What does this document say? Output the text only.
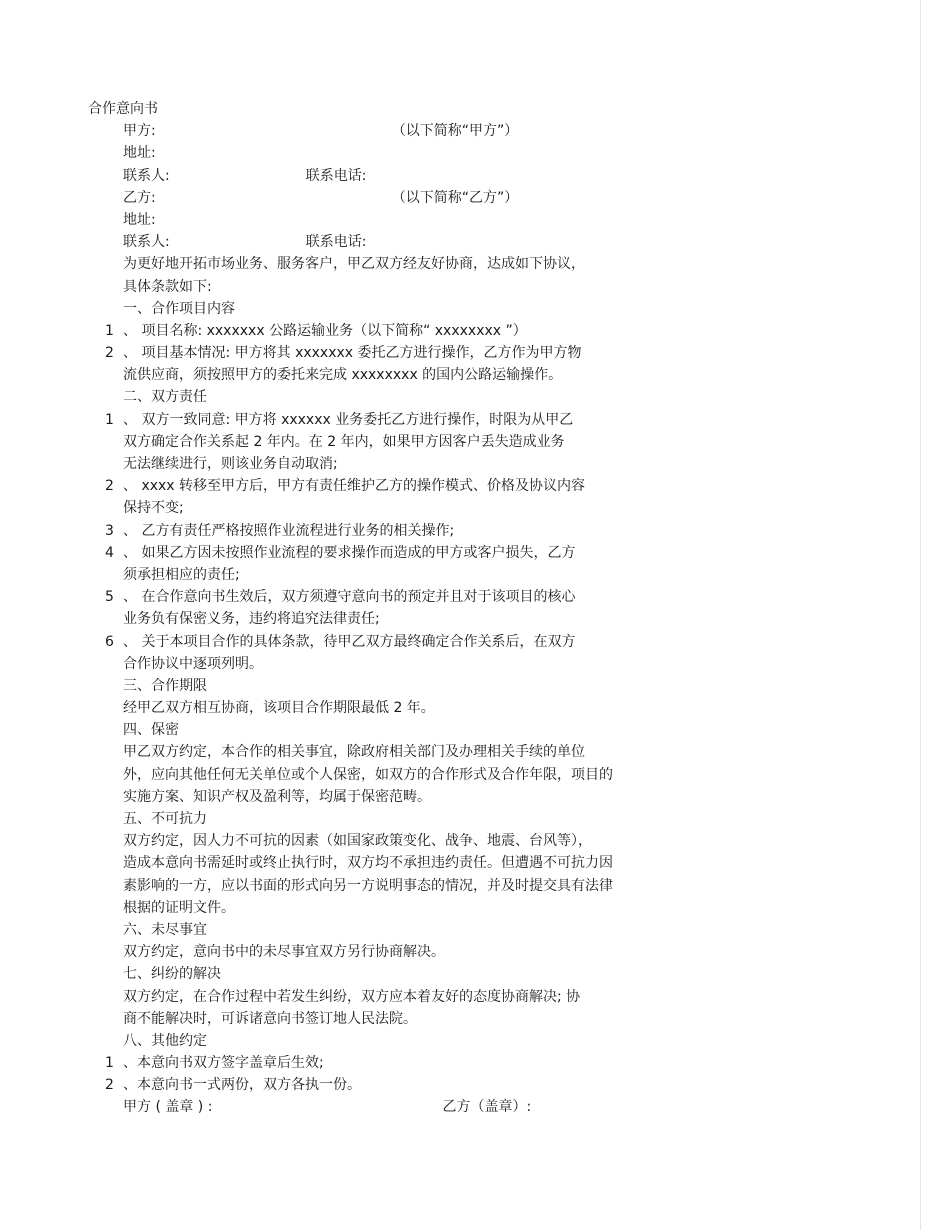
合作意向书
甲方:	（以下简称“甲方”）
地址:
联系人:	联系电话:
乙方:	（以下简称“乙方”）
地址:
联系人:	联系电话:
为更好地开拓市场业务、服务客户，甲乙双方经友好协商，达成如下协议，
具体条款如下:
一、合作项目内容
1 、 项目名称: xxxxxxx 公路运输业务（以下简称“ xxxxxxxx ”）
2 、 项目基本情况: 甲方将其 xxxxxxx 委托乙方进行操作，乙方作为甲方物
流供应商，须按照甲方的委托来完成 xxxxxxxx 的国内公路运输操作。
二、双方责任
1 、 双方一致同意: 甲方将 xxxxxx 业务委托乙方进行操作，时限为从甲乙
双方确定合作关系起 2 年内。在 2 年内，如果甲方因客户丢失造成业务
无法继续进行，则该业务自动取消;
2 、 xxxx 转移至甲方后，甲方有责任维护乙方的操作模式、价格及协议内容
保持不变;
3 、 乙方有责任严格按照作业流程进行业务的相关操作;
4 、 如果乙方因未按照作业流程的要求操作而造成的甲方或客户损失，乙方
须承担相应的责任;
5 、 在合作意向书生效后，双方须遵守意向书的预定并且对于该项目的核心
业务负有保密义务，违约将追究法律责任;
6 、 关于本项目合作的具体条款，待甲乙双方最终确定合作关系后，在双方
合作协议中逐项列明。
三、合作期限
经甲乙双方相互协商，该项目合作期限最低 2 年。
四、保密
甲乙双方约定，本合作的相关事宜，除政府相关部门及办理相关手续的单位
外，应向其他任何无关单位或个人保密，如双方的合作形式及合作年限，项目的
实施方案、知识产权及盈利等，均属于保密范畴。
五、不可抗力
双方约定，因人力不可抗的因素（如国家政策变化、战争、地震、台风等），
造成本意向书需延时或终止执行时，双方均不承担违约责任。但遭遇不可抗力因
素影响的一方，应以书面的形式向另一方说明事态的情况，并及时提交具有法律
根据的证明文件。
六、未尽事宜
双方约定，意向书中的未尽事宜双方另行协商解决。
七、纠纷的解决
双方约定，在合作过程中若发生纠纷，双方应本着友好的态度协商解决; 协
商不能解决时，可诉诸意向书签订地人民法院。
八、其他约定
1 、本意向书双方签字盖章后生效;
2 、本意向书一式两份，双方各执一份。
甲方 ( 盖章 ) :	乙方（盖章）:
